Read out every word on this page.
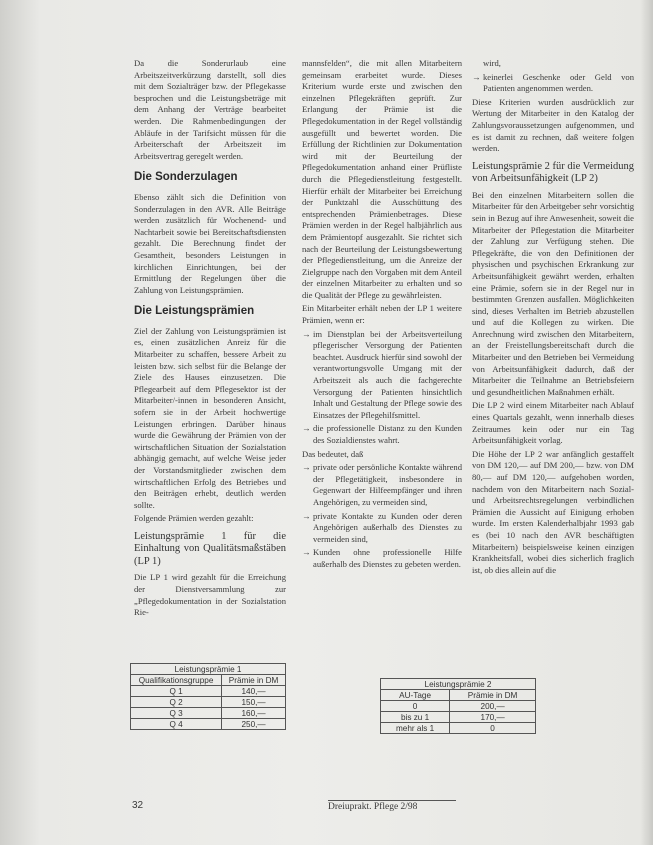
Da die Sonderurlaub eine Arbeitszeitverkürzung darstellt, soll dies mit dem Sozialträger bzw. der Pflegekasse besprochen und die Leistungsbeträge mit dem Anhang der Verträge bearbeitet werden. Die Rahmenbedingungen der Abläufe in der Tarifsicht müssen für die Arbeiterschaft der Arbeitszeit im Arbeitsvertrag geregelt werden.

Die Sonderzulagen

Ebenso zählt sich die Definition von Sonderzulagen in den AVR. Alle Beiträge werden zusätzlich für Wochenend- und Nachtarbeit sowie bei Bereitschaftsdiensten gezahlt. Die Berechnung findet der Gesamtheit, besonders Leistungen in kirchlichen Einrichtungen, bei der Ermittlung der Regelungen über die Zahlung von Leistungsprämien.

Die Leistungsprämien

Ziel der Zahlung von Leistungsprämien ist es, einen zusätzlichen Anreiz für die Mitarbeiter zu schaffen, bessere Arbeit zu leisten bzw. sich selbst für die Belange der Ziele des Hauses einzusetzen. Die Pflegearbeit auf dem Pflegesektor ist der Mitarbeiter/-innen in besonderen Ansicht, sofern sie in der Arbeit hochwertige Leistungen erbringen. Darüber hinaus wurde die Gewährung der Prämien von der wirtschaftlichen Situation der Sozialstation abhängig gemacht, auf welche Weise jeder der Vorstandsmitglieder zwischen dem wirtschaftlichen Erfolg des Betriebes und den Beiträgen erhebt, deutlich werden sollte.

Folgende Prämien werden gezahlt:

Leistungsprämie 1 für die Einhaltung von Qualitätsmaßstäben (LP 1)

Die LP 1 wird gezahlt für die Erreichung der Dienstversammlung zur „Pflegedokumentation in der Sozialstation Rie-

mannsfelden“, die mit allen Mitarbeitern gemeinsam erarbeitet wurde. Dieses Kriterium wurde erste und zwischen den einzelnen Pflegekräften geprüft. Zur Erlangung der Prämie ist die Pflegedokumentation in der Regel vollständig ausgefüllt und bewertet worden. Die Erfüllung der Richtlinien zur Dokumentation wird mit der Beurteilung der Pflegedokumentation anhand einer Prüfliste durch die Pflegedienstleitung festgestellt. Hierfür erhält der Mitarbeiter bei Erreichung der Punktzahl die Ausschüttung des entsprechenden Prämienbetrages. Diese Prämien werden in der Regel halbjährlich aus dem Prämientopf ausgezahlt. Sie richtet sich nach der Beurteilung der Leistungsbewertung der Pflegedienstleitung, um die Anreize der Zielgruppe nach den Vorgaben mit dem Anteil der einzelnen Mitarbeiter zu erhalten und so die Qualität der Pflege zu gewährleisten.

Ein Mitarbeiter erhält neben der LP 1 weitere Prämien, wenn er:

→ im Dienstplan bei der Arbeitsverteilung pflegerischer Versorgung der Patienten beachtet. Ausdruck hierfür sind sowohl der verantwortungsvolle Umgang mit der Arbeitszeit als auch die fachgerechte Versorgung der Patienten hinsichtlich Inhalt und Gestaltung der Pflege sowie des Einsatzes der Pflegehilfsmittel.
→ die professionelle Distanz zu den Kunden des Sozialdienstes wahrt.

Das bedeutet, daß

→ private oder persönliche Kontakte während der Pflegetätigkeit, insbesondere in Gegenwart der Hilfeempfänger und ihren Angehörigen, zu vermeiden sind,
→ private Kontakte zu Kunden oder deren Angehörigen außerhalb des Dienstes zu vermeiden sind,
→ Kunden ohne professionelle Hilfe außerhalb des Dienstes zu gebeten werden.

wird,

→ keinerlei Geschenke oder Geld von Patienten angenommen werden.

Diese Kriterien wurden ausdrücklich zur Wertung der Mitarbeiter in den Katalog der Zahlungsvoraussetzungen aufgenommen, und es ist damit zu rechnen, daß weitere folgen werden.

Leistungsprämie 2 für die Vermeidung von Arbeitsunfähigkeit (LP 2)

Bei den einzelnen Mitarbeitern sollen die Mitarbeiter für den Arbeitgeber sehr vorsichtig sein in Bezug auf ihre Anwesenheit, soweit die Mitarbeiter der Pflegestation die Mitarbeiter der Zahlung zur Verfügung stehen. Die Pflegekräfte, die von den Definitionen der physischen und psychischen Erkrankung zur Arbeitsunfähigkeit gewährt werden, erhalten eine Prämie, sofern sie in der Regel nur in bestimmten Grenzen ausfallen. Möglichkeiten sind, dieses Verhalten im Betrieb abzustellen und auf die Kollegen zu wirken. Die Anrechnung wird zwischen den Mitarbeitern, an der Freistellungsbereitschaft durch die Mitarbeiter und den Betrieben bei Vermeidung von Arbeitsunfähigkeit dadurch, daß der Mitarbeiter die Teilnahme an Betriebsfeiern und gesundheitlichen Maßnahmen erhält.

Die LP 2 wird einem Mitarbeiter nach Ablauf eines Quartals gezahlt, wenn innerhalb dieses Zeitraumes kein oder nur ein Tag Arbeitsunfähigkeit vorlag.

Die Höhe der LP 2 war anfänglich gestaffelt von DM 120,— auf DM 200,— bzw. von DM 80,— auf DM 120,— aufgehoben worden, nachdem von den Mitarbeitern nach Sozial- und Arbeitsrechtsregelungen verbindlichen Prämien die Aussicht auf Einigung erhoben wurde. Im ersten Kalenderhalbjahr 1993 gab es (bei 10 nach den AVR beschäftigten Mitarbeitern) beispielsweise keinen einzigen Krankheitsfall, wobei dies sicherlich fraglich ist, ob dies allein auf die

Leistungsprämie 1	
Qualifikationsgruppe	Prämie in DM
Q 1	140,—
Q 2	150,—
Q 3	160,—
Q 4	250,—
Leistungsprämie 2	
AU-Tage	Prämie in DM
0	200,—
bis zu 1	170,—
mehr als 1	0
32	Dreiuprakt. Pflege 2/98
